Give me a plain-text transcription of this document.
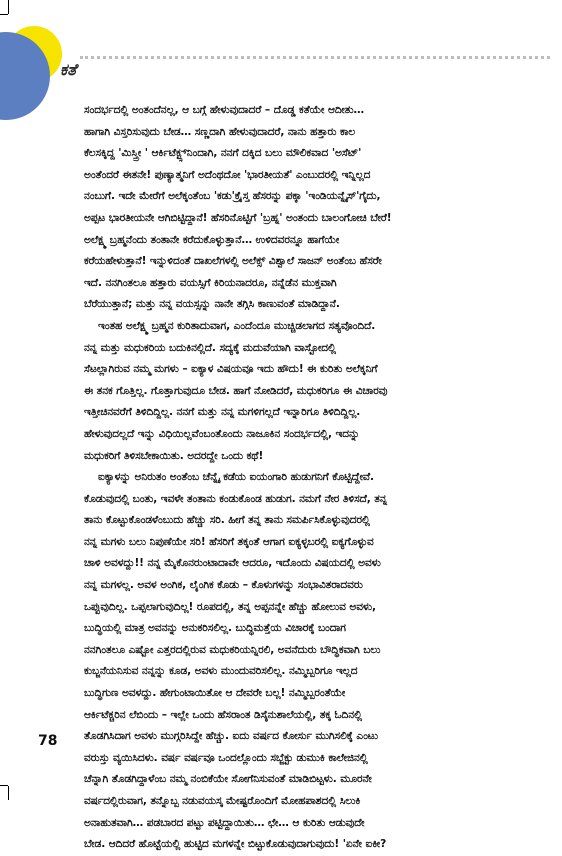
ಕತೆ

ಸಂದರ್ಭದಲ್ಲಿ ಅಂತಂದೆನಲ್ಲ, ಆ ಬಗ್ಗೆ ಹೇಳುವುದಾದರೆ – ದೊಡ್ಡ ಕತೆಯೇ ಆದೀತು…
ಹಾಗಾಗಿ ವಿಸ್ತರಿಸುವುದು ಬೇಡ… ಸಣ್ಣದಾಗಿ ಹೇಳುವುದಾದರೆ, ನಾನು ಹತ್ತಾರು ಕಾಲ
ಕೆಲಸಕ್ಕಿದ್ದ 'ಮಿಸ್ತ್ರೀ ' ಆರ್ಕಿಟೆಕ್ಟ್ಸ್‌ನಿಂದಾಗಿ, ನನಗೆ ದಕ್ಕಿದ ಬಲು ಮೌಲಿಕವಾದ 'ಅಸೆಟ್'
ಅಂತೆಂದರೆ ಈತನೇ! ಪುಣ್ಯಾತ್ಮನಿಗೆ ಅದೆಂಥದೋ 'ಭಾರತೀಯತೆ' ಎಂಬುದರಲ್ಲಿ ಇನ್ನಿಲ್ಲದ
ನಂಬುಗೆ. ಇದೇ ಮೇರೆಗೆ ಅಲೆಕ್ಕಂತೆಂಬ 'ಕಡು'ಕ್ರೈಸ್ತ ಹೆಸರನ್ನು ಪಕ್ಕಾ 'ಇಂಡಿಯನ್ನೈಸ್'ಗೈದು,
ಅಪ್ಪಟ ಭಾರತೀಯನೇ ಆಗಿಬಿಟ್ಟಿದ್ದಾನೆ! ಹೆಸರಿನೊಟ್ಟಿಗೆ 'ಬ್ರಹ್ನ' ಅಂತಂದು ಬಾಲಂಗೋಚಿ ಬೇರೆ!
ಅಲೆಕ್ಷ್ಮ ಬ್ರಹ್ಮನೆಂದು ತಂತಾನೇ ಕರೆದುಕೊಳ್ಳುತ್ತಾನೆ… ಉಳಿದವರನ್ನೂ ಹಾಗೆಯೇ
ಕರೆಯಹೇಳುತ್ತಾನೆ! ಇನ್ನುಳಿದಂತೆ ದಾಖಲೆಗಳಲ್ಲಿ ಅಲೆಕ್ಸ್ ವಿಶ್ವಾಲೆ ಸಾಜನ್ ಅಂತೆಂಬ ಹೆಸರೇ
ಇದೆ. ನನಗಿಂತಲೂ ಹತ್ತಾರು ವಯಸ್ಸಿಗೆ ಕಿರಿಯನಾದರೂ, ನನ್ನೆಡೆನ ಮುಕ್ತವಾಗಿ
ಬೆರೆಯುತ್ತಾನೆ; ಮತ್ತು ನನ್ನ ವಯಸ್ಸನ್ನು ನಾನೇ ತಗ್ಗಿಸಿ ಕಾಣುವಂತೆ ಮಾಡಿದ್ದಾನೆ.

ಇಂತಹ ಅಲೆಕ್ಷ್ಮ ಬ್ರಹ್ಮನ ಕುರಿತಾದುವಾಗ, ಎಂದೆಂದೂ ಮುಚ್ಚಿಡಲಾಗದ ಸತ್ಯವೊಂದಿದೆ.
ನನ್ನ ಮತ್ತು ಮಧುಕರಿಯ ಬದುಕಿನಲ್ಲಿದೆ. ಸದ್ಯಕ್ಕೆ ಮದುವೆಯಾಗಿ ವಾಸ್ಟೋದಲ್ಲಿ
ಸೆಟಲ್ಲಾಗಿರುವ ನಮ್ಮ ಮಗಳು – ಐಕ್ಯಾಳ ವಿಷಯವೂ ಇದು ಹೌದು! ಈ ಕುರಿತು ಅಲೆಕ್ಕನಿಗೆ
ಈ ತನಕ ಗೊತ್ತಿಲ್ಲ. ಗೊತ್ತಾಗುವುದೂ ಬೇಡ. ಹಾಗೆ ನೋಡಿದರೆ, ಮಧುಕರಿಗೂ ಈ ವಿಚಾರವು
ಇತ್ತೀಚಿನವರೆಗೆ ತಿಳಿದಿದ್ದಿಲ್ಲ. ನನಗೆ ಮತ್ತು ನನ್ನ ಮಗಳಿಗಲ್ಲದೆ ಇನ್ನಾರಿಗೂ ತಿಳಿದಿದ್ದಿಲ್ಲ.
ಹೇಳುವುದಲ್ಲದೆ ಇನ್ನು ವಿಧಿಯಿಲ್ಲವೆಂಬಂತೊಂದು ನಾಜೂಕಿನ ಸಂದರ್ಭದಲ್ಲಿ, ಇದನ್ನು
ಮಧುಕರಿಗೆ ತಿಳಿಸಬೇಕಾಯಿತು. ಅದರದ್ದೇ ಒಂದು ಕಥೆ!

ಐಕ್ಯಾಳನ್ನು ಅನಿರುತಂ ಅಂತೆಂಬ ಚೆನ್ನೈ ಕಡೆಯ ಐಯಂಗಾರಿ ಹುಡುಗನಿಗೆ ಕೊಟ್ಟಿದ್ದೇವೆ.
ಕೊಡುವುದಲ್ಲಿ ಬಂತು, ಇವಳೇ ತಂತಾನು ಕಂಡುಕೊಂಡ ಹುಡುಗ. ನಮಗೆ ನೇರ ತಿಳಿಸದೆ, ತನ್ನ
ತಾನು ಕೊಟ್ಟುಕೊಂಡಳೆಂಬುದು ಹೆಚ್ಚು ಸರಿ. ಹೀಗೆ ತನ್ನ ತಾನು ಸಮರ್ಪಿಸಿಕೊಳ್ಳುವುದರಲ್ಲಿ
ನನ್ನ ಮಗಳು ಬಲು ನಿಪುಣೆಯೇ ಸರಿ! ಹೆಸರಿಗೆ ತಕ್ಕಂತೆ ಆಗಾಗ ಐಕ್ಯಳ್ಳಬರಲ್ಲಿ ಐಕ್ಯಗೊಳ್ಳುವ
ಚಾಳಿ ಅವಳದ್ದು!! ನನ್ನ ಮೈಕೊನರುಂಟಾದಾವೇ ಆದರೂ, ಇದೊಂದು ವಿಷಯದಲ್ಲಿ ಅವಳು
ನನ್ನ ಮಗಳಲ್ಲ. ಅವಳ ಅಂಗಿಕ, ಲೈಂಗಿಕ ಕೊಡು – ಕೊಳುಗಳನ್ನು ಸಂಭಾವಿತರಾದವರು
ಒಪ್ಪುವುದಿಲ್ಲ. ಒಪ್ಪಲಾಗುವುದಿಲ್ಲ! ರೂಪದಲ್ಲಿ, ತನ್ನ ಅಪ್ಪನನ್ನೇ ಹೆಚ್ಚು ಹೋಲುವ ಅವಳು,
ಬುದ್ಧಿಯಲ್ಲಿ ಮಾತ್ರ ಅವನನ್ನು ಅನುಕರಿಸಲಿಲ್ಲ. ಬುದ್ಧಿಮತ್ತೆಯ ವಿಚಾರಕ್ಕೆ ಬಂದಾಗ
ನನಗಿಂತಲೂ ಎಷ್ಟೋ ಎತ್ತರದಲ್ಲಿರುವ ಮಧುಕರಿಯನ್ನಿರಲಿ, ಅವನೆದುರು ಬೌದ್ಧಿಕವಾಗಿ ಬಲು
ಕುಬ್ಜನೆಯನಿಸುವ ನನ್ನನ್ನು ಕೂಡ, ಅವಳು ಮುಂದುವರಿಸಲಿಲ್ಲ. ನಮ್ಮಿಬ್ಬರಿಗೂ ಇಲ್ಲದ
ಬುದ್ಧಿಗುಣ ಅವಳದ್ದು. ಹೇಗುಂಟಾಯಿತೋ ಆ ದೇವರೇ ಬಲ್ಲ! ನಮ್ಮಿಬ್ಬರಂತೆಯೇ
ಆರ್ಕಿಟೆಕ್ಚರಿನ ಲೆಬಿಂದು – ಇಲ್ಲೇ ಒಂದು ಹೆಸರಾಂತ ಡಿಸೈನುಶಾಲೆಯಲ್ಲಿ, ತಕ್ಕ ಓದಿನಲ್ಲಿ
ತೊಡಗಿಸಿದಾಗ ಅವಳು ಮುಗ್ಗರಿಸಿದ್ದೇ ಹೆಚ್ಚು. ಐದು ವರ್ಷದ ಕೋರ್ಸು ಮುಗಿಸಲಿಕ್ಕೆ ಎಂಟು
ವರುಸ್ತು ವ್ಯಯಿಸಿದಳು. ವರ್ಷ ವರ್ಷವೂ ಒಂದಲ್ಲೊಂದು ಸಬ್ಜೆಕ್ಟು ಡುಮುಕಿ ಕಾಲೇಜಿನಲ್ಲಿ
ಚೆನ್ನಾಗಿ ತೊಡಗಿದ್ದಾಳೆಂಬ ನಮ್ಮ ನಂಬಿಕೆಯೇ ಸೋಗೆನಿಸುವಂತೆ ಮಾಡಿಬಿಟ್ಟಳು. ಮೂರನೇ
ವರ್ಷದಲ್ಲಿರುವಾಗ, ತನ್ನೊಬ್ಬ ನಡುವಯಸ್ಕ ಮೇಷ್ಟರೊಂದಿಗೆ ಮೋಹಪಾಶದಲ್ಲಿ ಸಿಲುಕಿ
ಅನಾಹುತವಾಗಿ… ಪಡಬಾರದ ಪಟ್ಟು ಪಟ್ಟಿದ್ದಾಯಿತು… ಛೇ… ಆ ಕುರಿತು ಆಡುವುದೇ
ಬೇಡ. ಆದಿದರೆ ಹೊಟ್ಟೆಯಲ್ಲಿ ಹುಟ್ಟಿದ ಮಗಳನ್ನೇ ಬಿಟ್ಟುಕೊಡುವುದಾಗುವುದು! 'ಏನೇ ಐಕೀ?

78
